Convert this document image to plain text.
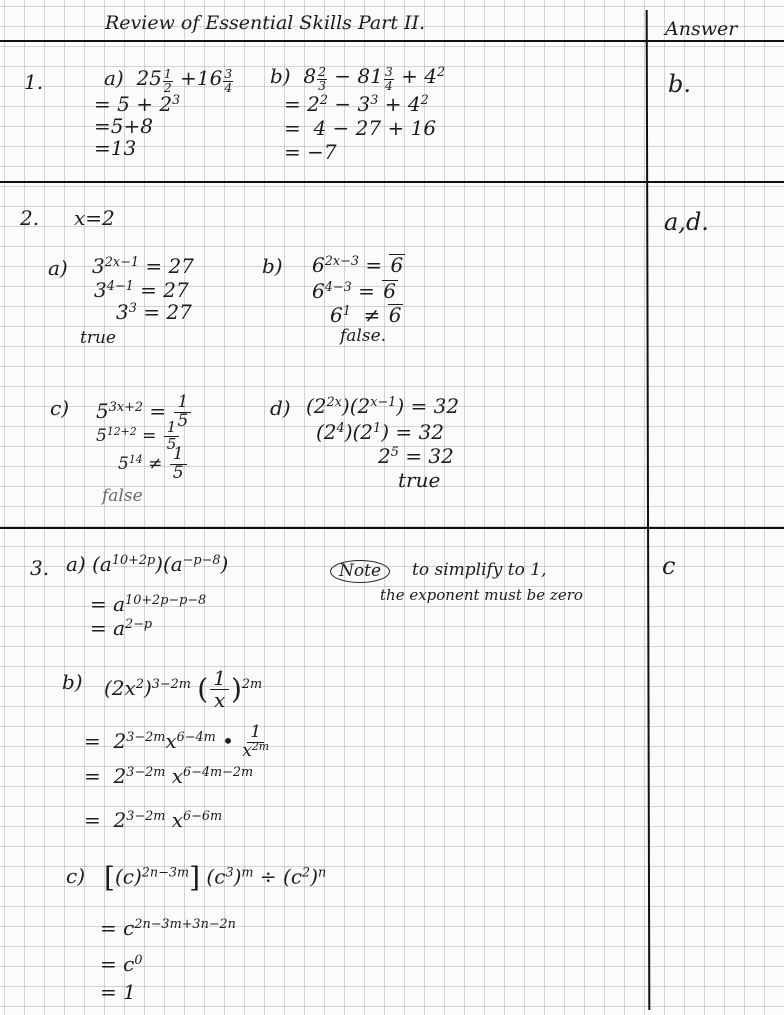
Review of Essential Skills Part II.	Answer
1.	a)  $25 \frac{1}{2} +16 \frac{3}{4}$
= $5 + 2^3$
=5+8
=13
b)  $8 \frac{2}{3} - 81 \frac{3}{4} + 4^2$
= $2^2 - 3^3 + 4^2$
=  4 − 27 + 16
= −7
b.
2. x=2	a,d.
a) $3^{2x-1} = 27$
$3^{4-1} = 27$
$3^3 = 27$
true
b) $6^{2x-3} = 6$
$6^{4-3} = 6$
$6^1 \ne 6$
false.
c) $5^{3x+2} = \frac{1}{5}$
$5^{12+2} = \frac{1}{5}$
$5^{14} \ne \frac{1}{5}$
false
d) $(2^{2x})(2^{x-1}) = 32$
$(2^4)(2^1) = 32$
$2^5 = 32$
true
3. a) $(a^{10+2p})(a^{-p-8})$
= $a^{10+2p-p-8}$
= $a^{2-p}$
Note	to simplify to 1,
the exponent must be zero
c
b) $(2x^2)^{3-2m}$ ( $\frac{1}{x} )^{2m}$
=  $2^{3-2m}x^{6-4m}$ • $\frac{1}{x^{2m}}$
=  $2^{3-2m}$ $x^{6-4m-2m}$
=  $2^{3-2m}$ $x^{6-6m}$
c) $[(c)^{2n-3m}] (c^3)^m \div (c^2)^n$
= $c^{2n-3m+3n-2n}$
= $c^0$
= 1
